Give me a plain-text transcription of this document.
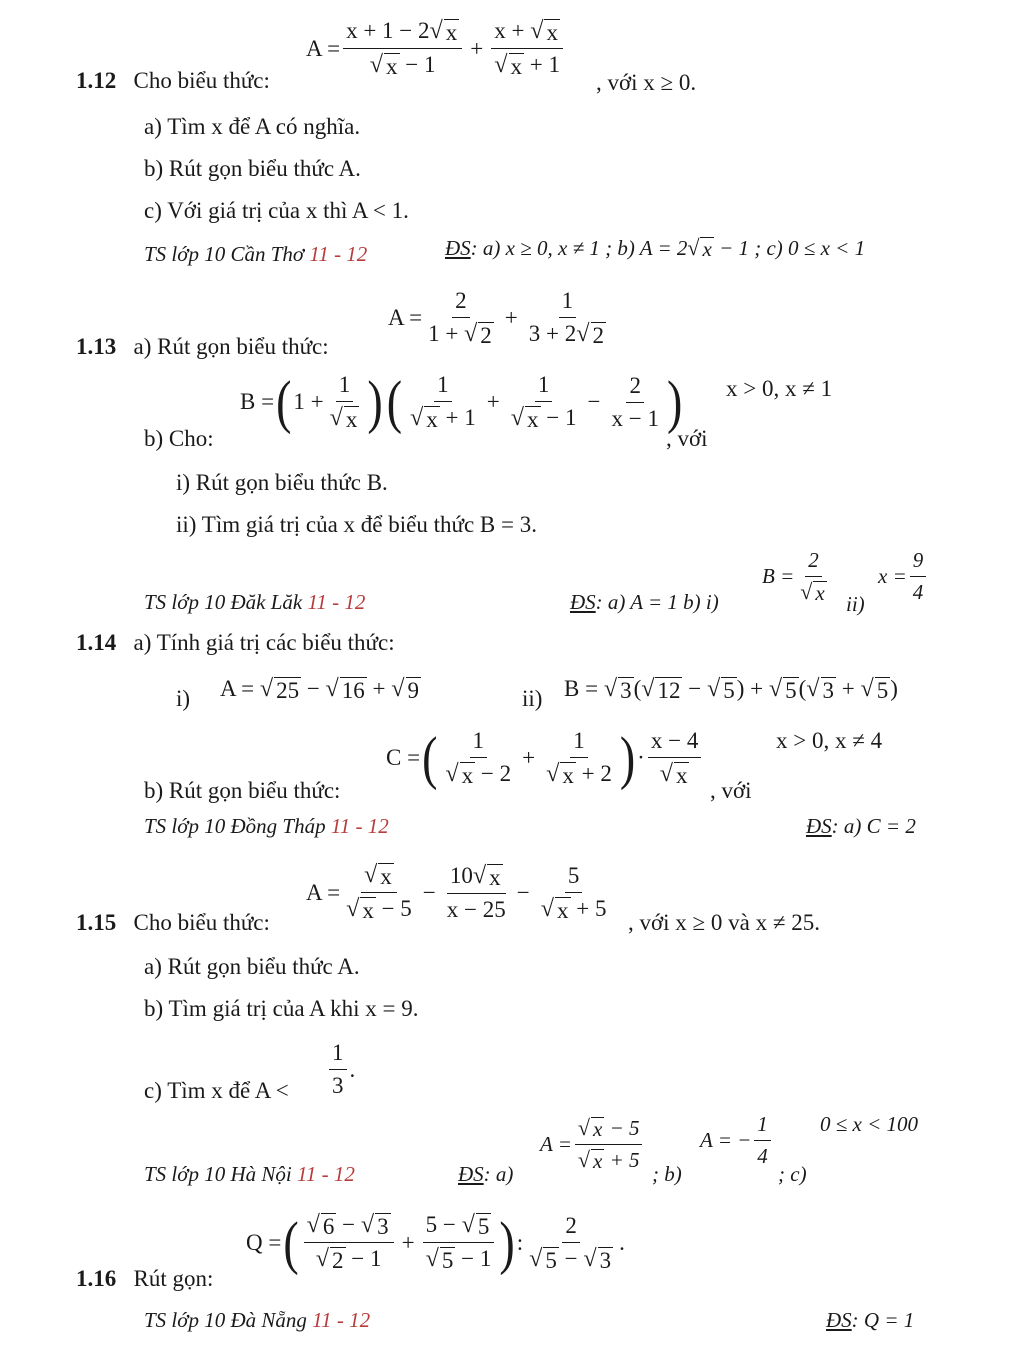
$A = \frac{x + 1 - 2 √ x}{√ x - 1} + \frac{x + √ x}{√ x + 1}$
1.12 Cho biểu thức:	, với x ≥ 0.
a) Tìm x để A có nghĩa.
b) Rút gọn biểu thức A.
c) Với giá trị của x thì A < 1.
TS lớp 10 Cần Thơ 11 - 12	ĐS: a) x ≥ 0, x ≠ 1 ; b) A = 2 √ x − 1 ; c) 0 ≤ x < 1
$A = \frac{2}{1 + √ 2} + \frac{1}{3 + 2 √ 2}$
1.13 a) Rút gọn biểu thức:
B = ( $1 + \frac{1}{√ x}$ ) ( $\frac{1}{√ x + 1} + \frac{1}{√ x - 1} - \frac{2}{x - 1}$ )
b) Cho:	, với
x > 0, x ≠ 1
i) Rút gọn biểu thức B.
ii) Tìm giá trị của x để biểu thức B = 3.
TS lớp 10 Đăk Lăk 11 - 12	ĐS: a) A = 1 b) i)
$B = \frac{2}{√ x} ii$)
$x = \frac{9}{4}$
1.14 a) Tính giá trị các biểu thức:
i) A = √ 25 − √ 16 + √ 9	ii) B = √ 3 ( √ 12 − √ 5 ) + √ 5 ( √ 3 + √ 5 )
C = ( $\frac{1}{√ x - 2} + \frac{1}{√ x + 2}$ ) · $\frac{x - 4}{√ x}$
b) Rút gọn biểu thức:	, với
x > 0, x ≠ 4
TS lớp 10 Đồng Tháp 11 - 12	ĐS: a) C = 2
$A = \frac{√ x}{√ x - 5} - \frac{10 √ x}{x - 25} - \frac{5}{√ x + 5}$
1.15 Cho biểu thức:	, với x ≥ 0 và x ≠ 25.
a) Rút gọn biểu thức A.
b) Tìm giá trị của A khi x = 9.
c) Tìm x để $A < \frac{1}{3}$ .
TS lớp 10 Hà Nội 11 - 12	ĐS: a)
$A = \frac{√ x - 5}{√ x + 5}$
; b)
A = − $\frac{1}{4}$
; c)
0 ≤ x < 100
Q = ( $\frac{√ 6 - √ 3}{√ 2 - 1} + \frac{5 - √ 5}{√ 5 - 1}$ ) : $\frac{2}{√ 5 - √ 3}$ .
1.16 Rút gọn:
TS lớp 10 Đà Nẵng 11 - 12	ĐS: Q = 1
